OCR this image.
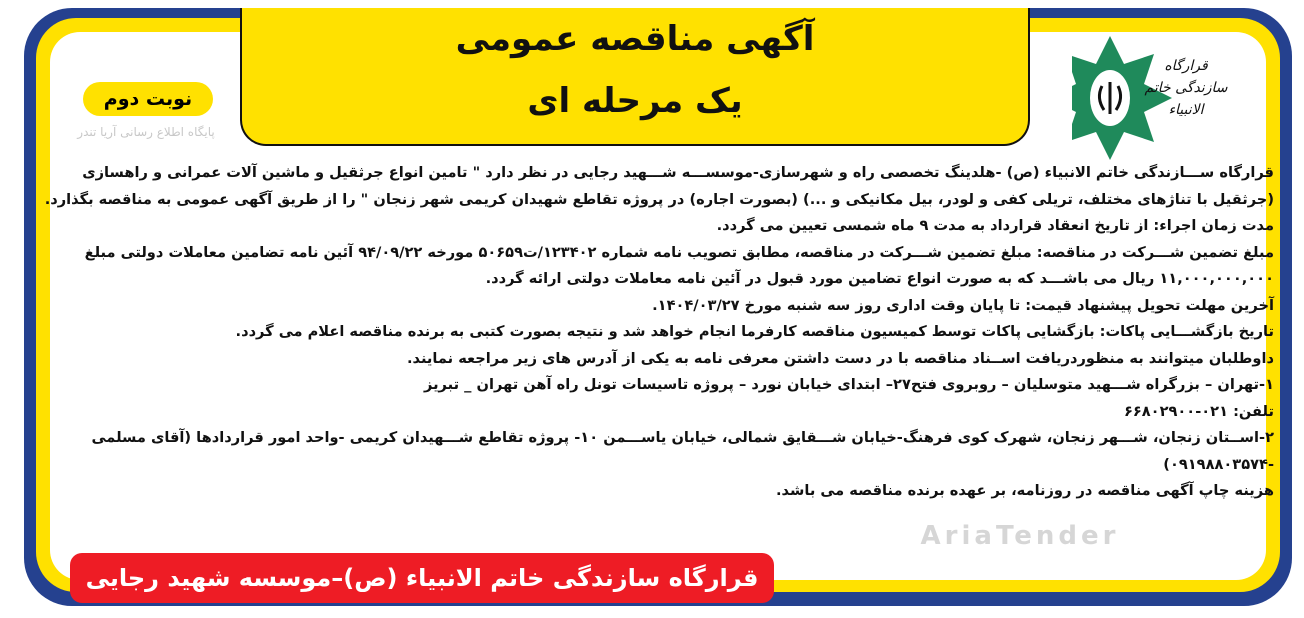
AriaTender
پایگاه اطلاع رسانی آریا تندر
آگهی مناقصه عمومی
یک مرحله ای
نوبت دوم
قرارگاه سازندگی خاتم الانبیاء

قرارگاه ســـازندگی خاتم الانبیاء (ص) -هلدینگ تخصصی راه و شهرسازی-موسســـه شـــهید رجایی در نظر دارد " تامین انواع جرثقیل و ماشین آلات عمرانی و راهسازی

(جرثقیل با تناژهای مختلف، تریلی کفی و لودر، بیل مکانیکی و ...) (بصورت اجاره) در پروژه تقاطع شهیدان کریمی شهر زنجان " را از طریق آگهی عمومی به مناقصه بگذارد.

مدت زمان اجراء: از تاریخ انعقاد قرارداد به مدت ۹ ماه شمسی تعیین می گردد.

مبلغ تضمین شـــرکت در مناقصه: مبلغ تضمین شـــرکت در مناقصه، مطابق تصویب نامه شماره ۱۲۳۴۰۲/ت۵۰۶۵۹ مورخه ۹۴/۰۹/۲۲ آئین نامه تضامین معاملات دولتی مبلغ

۱۱,۰۰۰,۰۰۰,۰۰۰ ریال می باشـــد که به صورت انواع تضامین مورد قبول در آئین نامه معاملات دولتی ارائه گردد.

آخرین مهلت تحویل پیشنهاد قیمت: تا پایان وقت اداری روز سه شنبه مورخ ۱۴۰۴/۰۳/۲۷.

تاریخ بازگشـــایی پاکات: بازگشایی پاکات توسط کمیسیون مناقصه کارفرما انجام خواهد شد و نتیجه بصورت کتبی به برنده مناقصه اعلام می گردد.

داوطلبان میتوانند به منظوردریافت اســناد مناقصه با در دست داشتن معرفی نامه به یکی از آدرس های زیر مراجعه نمایند.

۱-تهران – بزرگراه شـــهید متوسلیان – روبروی فتح۲۷– ابتدای خیابان نورد – پروژه تاسیسات تونل راه آهن تهران _ تبریز

تلفن: ۰۲۱-۶۶۸۰۲۹۰۰

۲-اســتان زنجان، شـــهر زنجان، شهرک کوی فرهنگ-خیابان شـــقایق شمالی، خیابان یاســـمن ۱۰- پروژه تقاطع شـــهیدان کریمی -واحد امور قراردادها (آقای مسلمی

-۰۹۱۹۸۸۰۳۵۷۴)

هزینه چاپ آگهی مناقصه در روزنامه، بر عهده برنده مناقصه می باشد.

قرارگاه سازندگی خاتم الانبیاء (ص)–موسسه شهید رجایی
